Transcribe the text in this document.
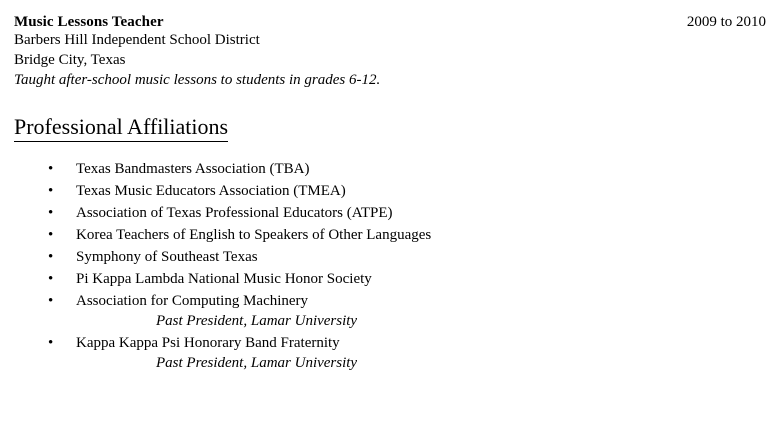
Music Lessons Teacher	2009 to 2010
Barbers Hill Independent School District
Bridge City, Texas
Taught after-school music lessons to students in grades 6-12.
Professional Affiliations
• Texas Bandmasters Association (TBA)
• Texas Music Educators Association (TMEA)
• Association of Texas Professional Educators (ATPE)
• Korea Teachers of English to Speakers of Other Languages
• Symphony of Southeast Texas
• Pi Kappa Lambda National Music Honor Society
• Association for Computing Machinery
Past President, Lamar University
• Kappa Kappa Psi Honorary Band Fraternity
Past President, Lamar University
